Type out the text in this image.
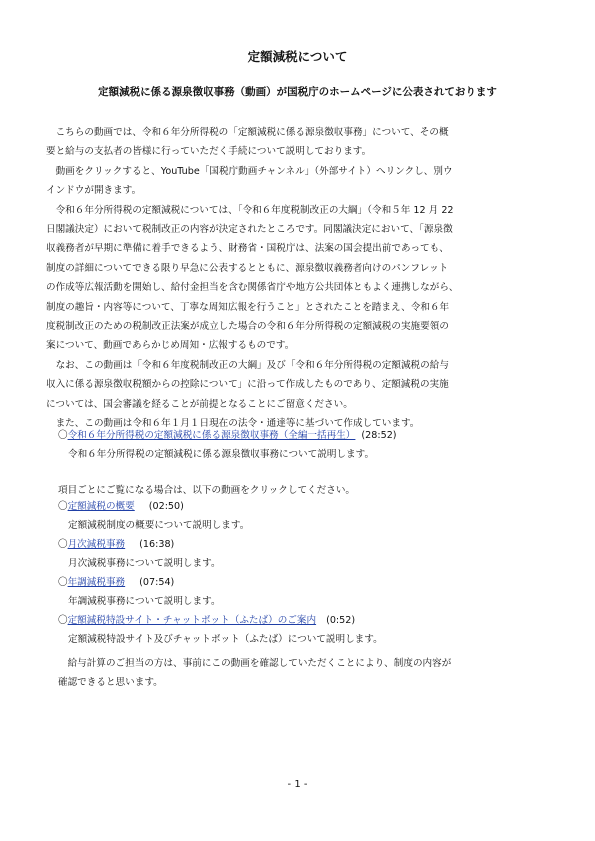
定額減税について
定額減税に係る源泉徴収事務（動画）が国税庁のホームページに公表されております
　こちらの動画では、令和６年分所得税の「定額減税に係る源泉徴収事務」について、その概
要と給与の支払者の皆様に行っていただく手続について説明しております。
　動画をクリックすると、YouTube「国税庁動画チャンネル」（外部サイト）へリンクし、別ウ
インドウが開きます。
　令和６年分所得税の定額減税については、「令和６年度税制改正の大綱」（令和５年 12 月 22
日閣議決定）において税制改正の内容が決定されたところです。同閣議決定において、「源泉徴
収義務者が早期に準備に着手できるよう、財務省・国税庁は、法案の国会提出前であっても、
制度の詳細についてできる限り早急に公表するとともに、源泉徴収義務者向けのパンフレット
の作成等広報活動を開始し、給付金担当を含む関係省庁や地方公共団体ともよく連携しながら、
制度の趣旨・内容等について、丁寧な周知広報を行うこと」とされたことを踏まえ、令和６年
度税制改正のための税制改正法案が成立した場合の令和６年分所得税の定額減税の実施要領の
案について、動画であらかじめ周知・広報するものです。
　なお、この動画は「令和６年度税制改正の大綱」及び「令和６年分所得税の定額減税の給与
収入に係る源泉徴収税額からの控除について」に沿って作成したものであり、定額減税の実施
については、国会審議を経ることが前提となることにご留意ください。
　また、この動画は令和６年１月１日現在の法令・通達等に基づいて作成しています。
〇令和６年分所得税の定額減税に係る源泉徴収事務（全編一括再生） (28:52)
令和６年分所得税の定額減税に係る源泉徴収事務について説明します。
項目ごとにご覧になる場合は、以下の動画をクリックしてください。
〇定額減税の概要 (02:50)
定額減税制度の概要について説明します。
〇月次減税事務 (16:38)
月次減税事務について説明します。
〇年調減税事務 (07:54)
年調減税事務について説明します。
〇定額減税特設サイト・チャットボット（ふたば）のご案内 (0:52)
定額減税特設サイト及びチャットボット（ふたば）について説明します。
　給与計算のご担当の方は、事前にこの動画を確認していただくことにより、制度の内容が
確認できると思います。
- 1 -
